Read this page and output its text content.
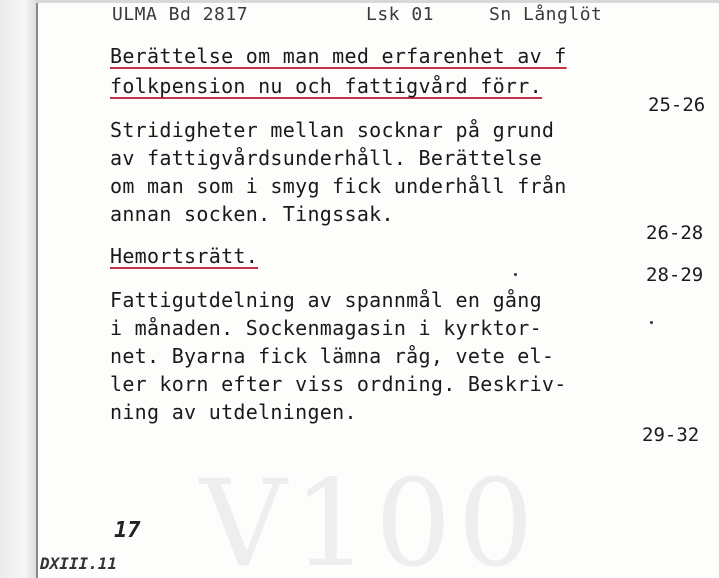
ULMA Bd 2817	Lsk 01	Sn Långlöt
Berättelse om man med erfarenhet av f
folkpension nu och fattigvård förr.
25-26
Stridigheter mellan socknar på grund
av fattigvårdsunderhåll. Berättelse
om man som i smyg fick underhåll från
annan socken. Tingssak.
26-28
Hemortsrätt.
28-29
Fattigutdelning av spannmål en gång
i månaden. Sockenmagasin i kyrktor-
net. Byarna fick lämna råg, vete el-
ler korn efter viss ordning. Beskriv-
ning av utdelningen.
29-32
V100
17
DXIII.11
